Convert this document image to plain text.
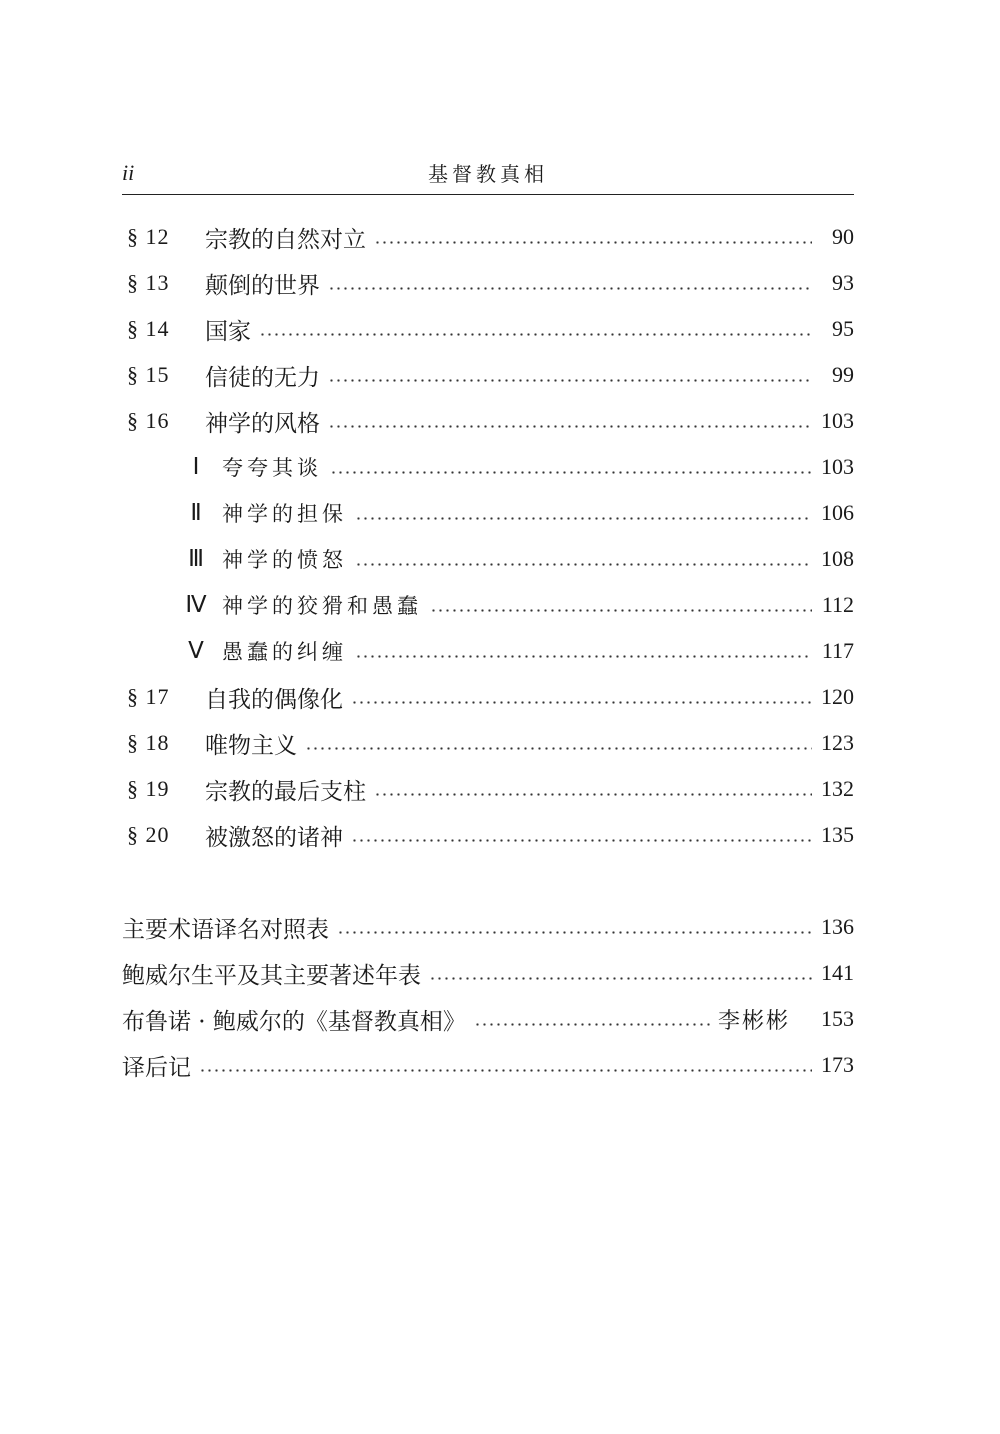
ii	基督教真相
§ 12	宗教的自然对立	90
§ 13	颠倒的世界	93
§ 14	国家	95
§ 15	信徒的无力	99
§ 16	神学的风格	103
Ⅰ	夸夸其谈	103
Ⅱ 神学的担保	106
Ⅲ 神学的愤怒	108
Ⅳ 神学的狡猾和愚蠢	112
Ⅴ 愚蠢的纠缠	117
§ 17	自我的偶像化	120
§ 18	唯物主义	123
§ 19	宗教的最后支柱	132
§ 20	被激怒的诸神	135
主要术语译名对照表	136
鲍威尔生平及其主要著述年表	141
布鲁诺 · 鲍威尔的《基督教真相》	李彬彬	153
译后记	173
